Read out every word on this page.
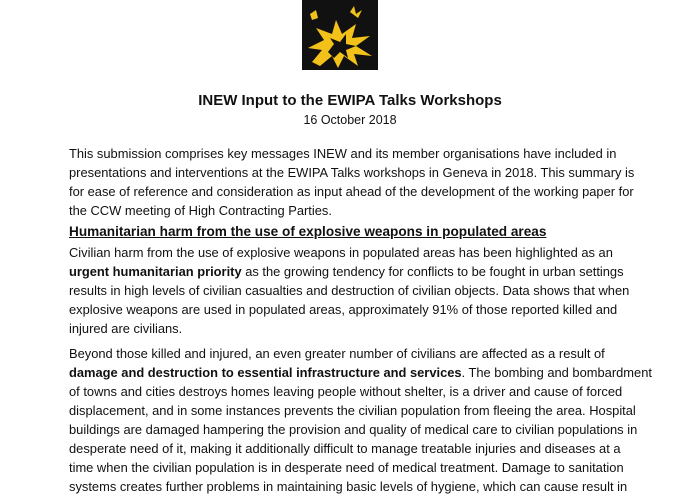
INEW Input to the EWIPA Talks Workshops
16 October 2018

This submission comprises key messages INEW and its member organisations have included in
presentations and interventions at the EWIPA Talks workshops in Geneva in 2018. This summary is
for ease of reference and consideration as input ahead of the development of the working paper for
the CCW meeting of High Contracting Parties.

Humanitarian harm from the use of explosive weapons in populated areas

Civilian harm from the use of explosive weapons in populated areas has been highlighted as an
urgent humanitarian priority as the growing tendency for conflicts to be fought in urban settings
results in high levels of civilian casualties and destruction of civilian objects. Data shows that when
explosive weapons are used in populated areas, approximately 91% of those reported killed and
injured are civilians.

Beyond those killed and injured, an even greater number of civilians are affected as a result of
damage and destruction to essential infrastructure and services. The bombing and bombardment
of towns and cities destroys homes leaving people without shelter, is a driver and cause of forced
displacement, and in some instances prevents the civilian population from fleeing the area. Hospital
buildings are damaged hampering the provision and quality of medical care to civilian populations in
desperate need of it, making it additionally difficult to manage treatable injuries and diseases at a
time when the civilian population is in desperate need of medical treatment. Damage to sanitation
systems creates further problems in maintaining basic levels of hygiene, which can cause result in
